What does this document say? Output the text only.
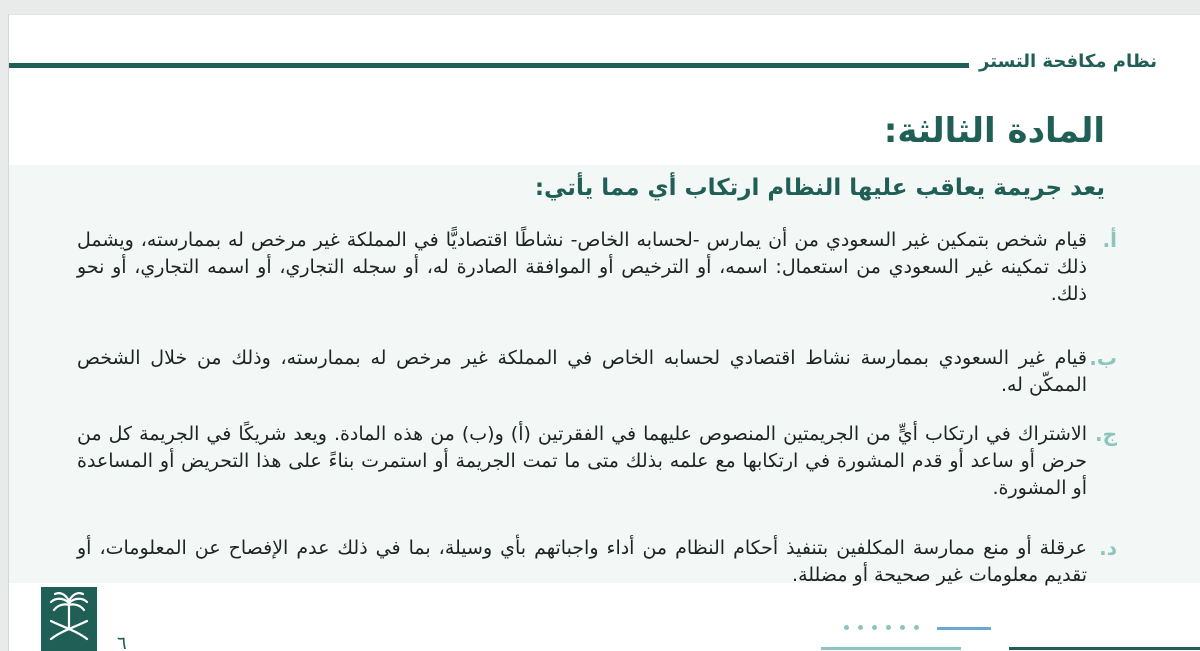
نظام مكافحة التستر
المادة الثالثة:
يعد جريمة يعاقب عليها النظام ارتكاب أي مما يأتي:
أ.
قيام شخص بتمكين غير السعودي من أن يمارس -لحسابه الخاص- نشاطًا اقتصاديًّا في المملكة غير مرخص له بممارسته، ويشمل ذلك تمكينه غير السعودي من استعمال: اسمه، أو الترخيص أو الموافقة الصادرة له، أو سجله التجاري، أو اسمه التجاري، أو نحو ذلك.
ب.
قيام غير السعودي بممارسة نشاط اقتصادي لحسابه الخاص في المملكة غير مرخص له بممارسته، وذلك من خلال الشخص الممكّن له.
ج.
الاشتراك في ارتكاب أيٍّ من الجريمتين المنصوص عليهما في الفقرتين (أ) و(ب) من هذه المادة. ويعد شريكًا في الجريمة كل من حرض أو ساعد أو قدم المشورة في ارتكابها مع علمه بذلك متى ما تمت الجريمة أو استمرت بناءً على هذا التحريض أو المساعدة أو المشورة.
د.
عرقلة أو منع ممارسة المكلفين بتنفيذ أحكام النظام من أداء واجباتهم بأي وسيلة، بما في ذلك عدم الإفصاح عن المعلومات، أو تقديم معلومات غير صحيحة أو مضللة.
٦
